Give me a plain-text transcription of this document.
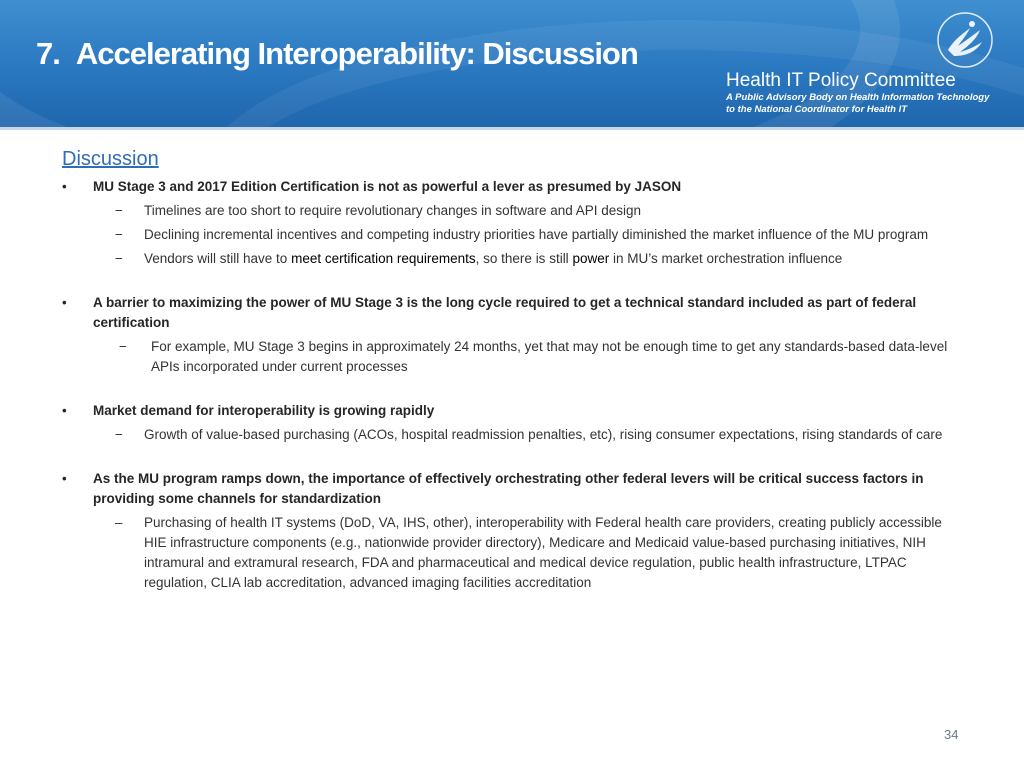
7. Accelerating Interoperability: Discussion
Health IT Policy Committee
A Public Advisory Body on Health Information Technology
to the National Coordinator for Health IT
Discussion
• MU Stage 3 and 2017 Edition Certification is not as powerful a lever as presumed by JASON
− Timelines are too short to require revolutionary changes in software and API design
− Declining incremental incentives and competing industry priorities have partially diminished the market influence of the MU program
− Vendors will still have to meet certification requirements, so there is still power in MU’s market orchestration influence
• A barrier to maximizing the power of MU Stage 3 is the long cycle required to get a technical standard included as part of federal certification
− For example, MU Stage 3 begins in approximately 24 months, yet that may not be enough time to get any standards-based data-level APIs incorporated under current processes
• Market demand for interoperability is growing rapidly
− Growth of value-based purchasing (ACOs, hospital readmission penalties, etc), rising consumer expectations, rising standards of care
• As the MU program ramps down, the importance of effectively orchestrating other federal levers will be critical success factors in providing some channels for standardization
– Purchasing of health IT systems (DoD, VA, IHS, other), interoperability with Federal health care providers, creating publicly accessible HIE infrastructure components (e.g., nationwide provider directory), Medicare and Medicaid value-based purchasing initiatives, NIH intramural and extramural research, FDA and pharmaceutical and medical device regulation, public health infrastructure, LTPAC regulation, CLIA lab accreditation, advanced imaging facilities accreditation
34
